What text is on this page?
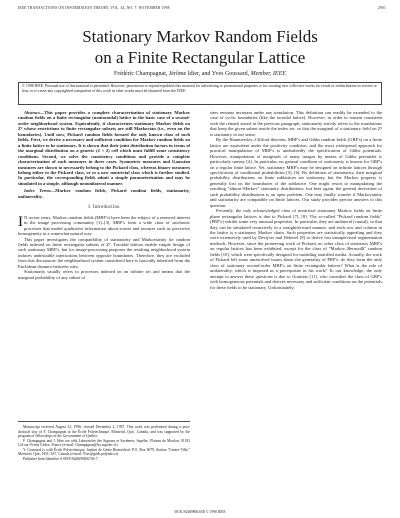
IEEE TRANSACTIONS ON INFORMATION THEORY, VOL. 44, NO. 7, NOVEMBER 1998	2901
Stationary Markov Random Fields
on a Finite Rectangular Lattice
Frédéric Champagnat, Jérôme Idier, and Yves Goussard, Member, IEEE
© 1998 IEEE. Personal use of this material is permitted. However, permission to reprint/republish this material for advertising or promotional purposes or for creating new collective works for resale or redistribution to servers or lists, or to reuse any copyrighted component of this work in other works must be obtained from the IEEE.

Abstract—This paper provides a complete characterization of stationary Markov random fields on a finite rectangular (nontoroidal) lattice in the basic case of a second-order neighborhood system. Equivalently, it characterizes stationary Markov fields on Z² whose restrictions to finite rectangular subsets are still Markovian (i.e., even on the boundaries). Until now, Pickard random fields formed the only known class of such fields. First, we derive a necessary and sufficient condition for Markov random fields on a finite lattice to be stationary. It is shown that their joint distribution factors in terms of the marginal distribution on a generic (2 × 2) cell which must fulfill some consistency conditions. Second, we solve the consistency conditions and provide a complete characterization of such measures in three cases. Symmetric measures and Gaussian measures are shown to necessarily belong to the Pickard class, whereas binary measures belong either to the Pickard class, or to a new nontrivial class which is further studied. In particular, the corresponding fields admit a simple parameterization and may be simulated in a simple, although nonunilateral manner.

Index Terms—Markov random fields, Pickard random fields, stationarity, unilaterality.

I. Introduction

I N recent years, Markov random fields (MRF's) have been the subject of a renewed interest in the image processing community [1]–[3]. MRF's form a wide class of stochastic processes that model qualitative information about scenes and textures such as piecewise homogeneity in a somewhat natural way.

This paper investigates the compatibility of stationarity and Markovianity for random fields indexed on finite rectangular subsets of Z². Toroidal lattices enable simple design of such stationary MRF's, but for image-processing purposes the resulting neighborhood system induces undesirable interactions between opposite boundaries. Therefore, they are excluded from this discussion: the neighborhood system considered here is basically inherited from the Euclidean distance between sites.

Stationarity usually refers to processes indexed on an infinite set and means that the marginal probability of any subset of

Manuscript received August 21, 1996; revised December 2, 1997. This work was performed during a post-doctoral stay of F. Champagnat at the École Polytechnique, Montreal, Qué., Canada, and was supported by the program of fellowships of the Government of Quebec.

F. Champagnat and J. Idier are with Laboratoire des Signaux et Systèmes, Supélec, Plateau de Moulon, 91192 Gif-sur-Yvette Cédex, France (e-mail: Champagnat@lss.supelec.fr).

Y. Goussard is with École Polytechnique, Institut de Génie Biomédical, P.O. Box 6079, Station "Centre-Ville," Montréal, Qué., H3C 3A7, Canada (e-mail: Yves@grbb.polymtl.ca).

Publisher Item Identifier S 0018-9448(98)06746-7.

sites remains invariant under any translation. This definition can readily be extended to the case of cyclic boundaries (like the toroidal lattice). However, in order to remain consistent with the remark stated in the previous paragraph, stationarity strictly refers to the translations that keep the given subset inside the index set, so that the marginal of a stationary field on Z² is stationary in our sense.

By the Hammersley–Clifford theorem, MRF's and Gibbs random fields (GRF's) on a finite lattice are equivalent under the positivity condition, and the most widespread approach for practical manipulation of MRF's is undoubtedly the specification of Gibbs potentials. However, manipulation of marginals of many images by means of Gibbs potentials is particularly uneasy [4]. In particular, no general condition of stationarity is known for GRF's on a regular finite lattice. Yet, stationary MRF's may be designed on infinite lattices through specification of conditional probabilities [5], [6]. By definition of stationarity, their marginal probability distributions on finite sublattices are stationary, but the Markov property is generally lost on the boundaries of the sublattice. One might resort to manipulating the resulting "almost-Markov" stationary distributions, but here again, the general derivation of such probability distributions is an open problem. One may finally wonder if Markovianity and stationarity are compatible on finite lattices. Our study provides precise answers to this question.

Presently, the only acknowledged class of nontrivial stationary Markov fields on finite plane rectangular lattices is due to Pickard [7], [8]. The so-called "Pickard random fields" (PRF's) exhibit some very unusual properties. In particular, they are unilateral (causal), so that they can be simulated recursively in a straightforward manner, and each row and column in the lattice is a stationary Markov chain. Such properties are statistically appealing and they were extensively used by Devijver and Dekesel [9] to derive fast unsupervised segmentation methods. However, since the pioneering work of Pickard, no other class of stationary MRF's on regular lattices has been exhibited, except for the class of "Markov–Bernoulli" random fields [10], which were specifically designed for modeling stratified media. Actually, the work of Pickard left some unresolved issues about the generality of PRF's: do they form the only class of stationary second-order MRF's on finite rectangular lattices? What is the role of unilaterality, which is imposed as a prerequisite in his work? To our knowledge, the only attempt to answer these questions is due to Goutsias [11], who considers the class of GRF's with homogeneous potentials and derives necessary and sufficient conditions on the potentials for these fields to be stationary. Unfortunately,

0018–9448/98$10.00 © 1998 IEEE
